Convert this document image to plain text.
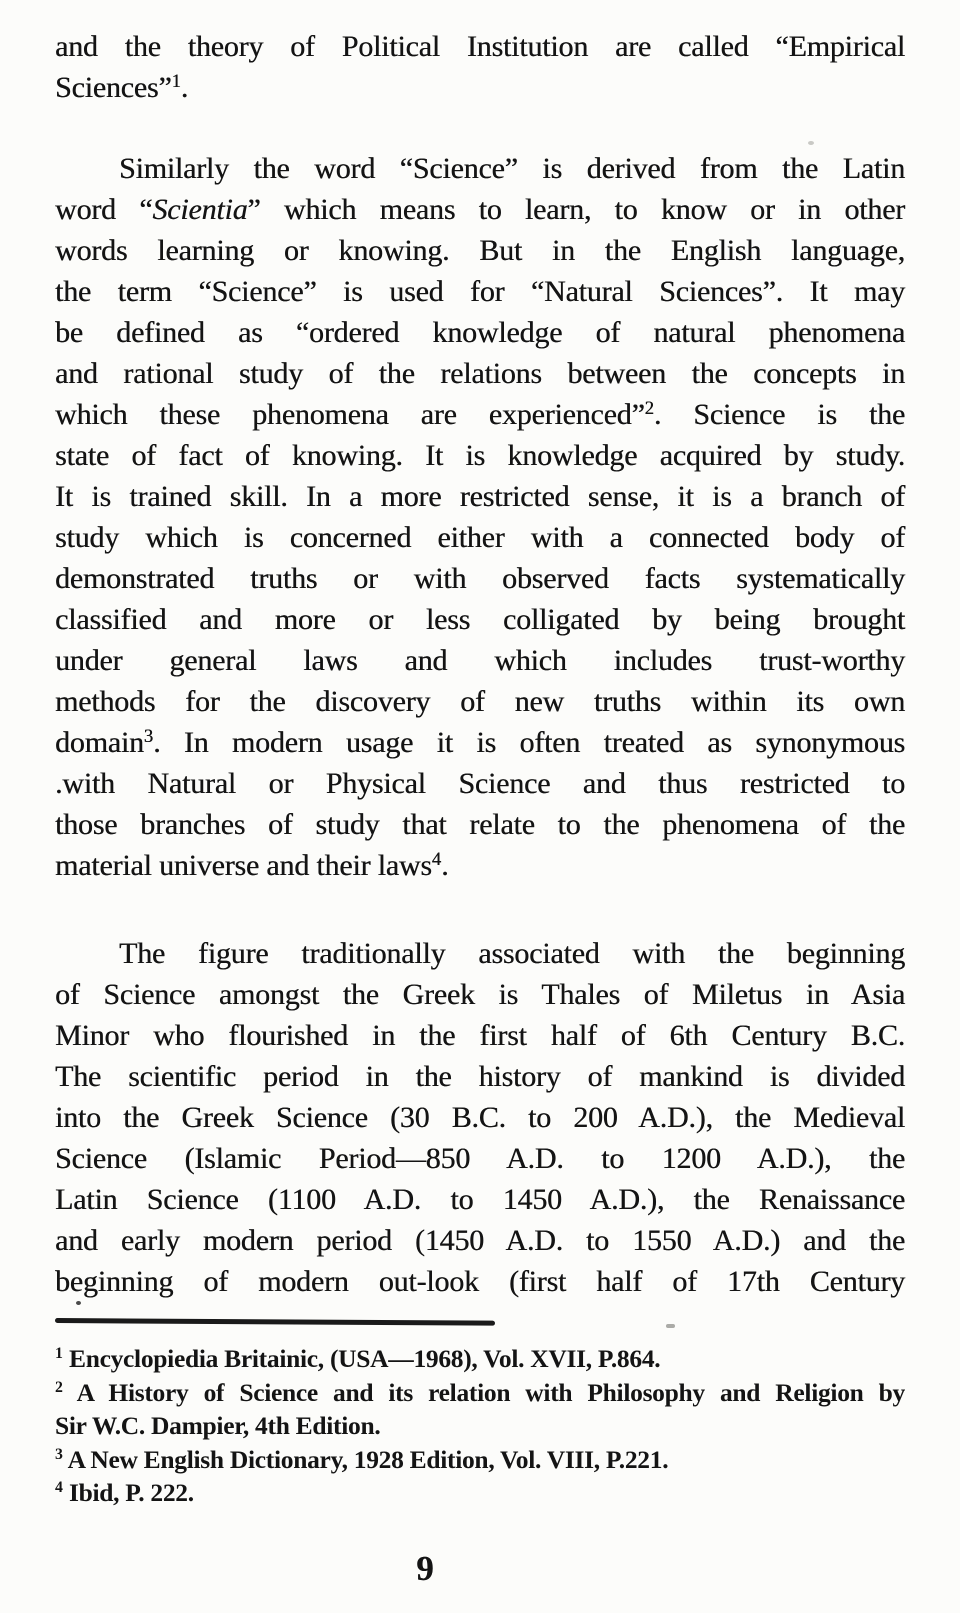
and the theory of Political Institution are called “Empirical
Sciences”$^1$.
Similarly the word “Science” is derived from the Latin
word “Scientia” which means to learn, to know or in other
words learning or knowing. But in the English language,
the term “Science” is used for “Natural Sciences”. It may
be defined as “ordered knowledge of natural phenomena
and rational study of the relations between the concepts in
which these phenomena are experienced”$^2$. Science is the
state of fact of knowing. It is knowledge acquired by study.
It is trained skill. In a more restricted sense, it is a branch of
study which is concerned either with a connected body of
demonstrated truths or with observed facts systematically
classified and more or less colligated by being brought
under general laws and which includes trust-worthy
methods for the discovery of new truths within its own
domain$^3$. In modern usage it is often treated as synonymous
.with Natural or Physical Science and thus restricted to
those branches of study that relate to the phenomena of the
material universe and their laws$^4$.
The figure traditionally associated with the beginning
of Science amongst the Greek is Thales of Miletus in Asia
Minor who flourished in the first half of 6th Century B.C.
The scientific period in the history of mankind is divided
into the Greek Science (30 B.C. to 200 A.D.), the Medieval
Science (Islamic Period—850 A.D. to 1200 A.D.), the
Latin Science (1100 A.D. to 1450 A.D.), the Renaissance
and early modern period (1450 A.D. to 1550 A.D.) and the
beginning of modern out-look (first half of 17th Century
$^1$ Encyclopiedia Britainic, (USA—1968), Vol. XVII, P.864.
$^2$ A History of Science and its relation with Philosophy and Religion by
Sir W.C. Dampier, 4th Edition.
$^3$ A New English Dictionary, 1928 Edition, Vol. VIII, P.221.
$^4$ Ibid, P. 222.
9
